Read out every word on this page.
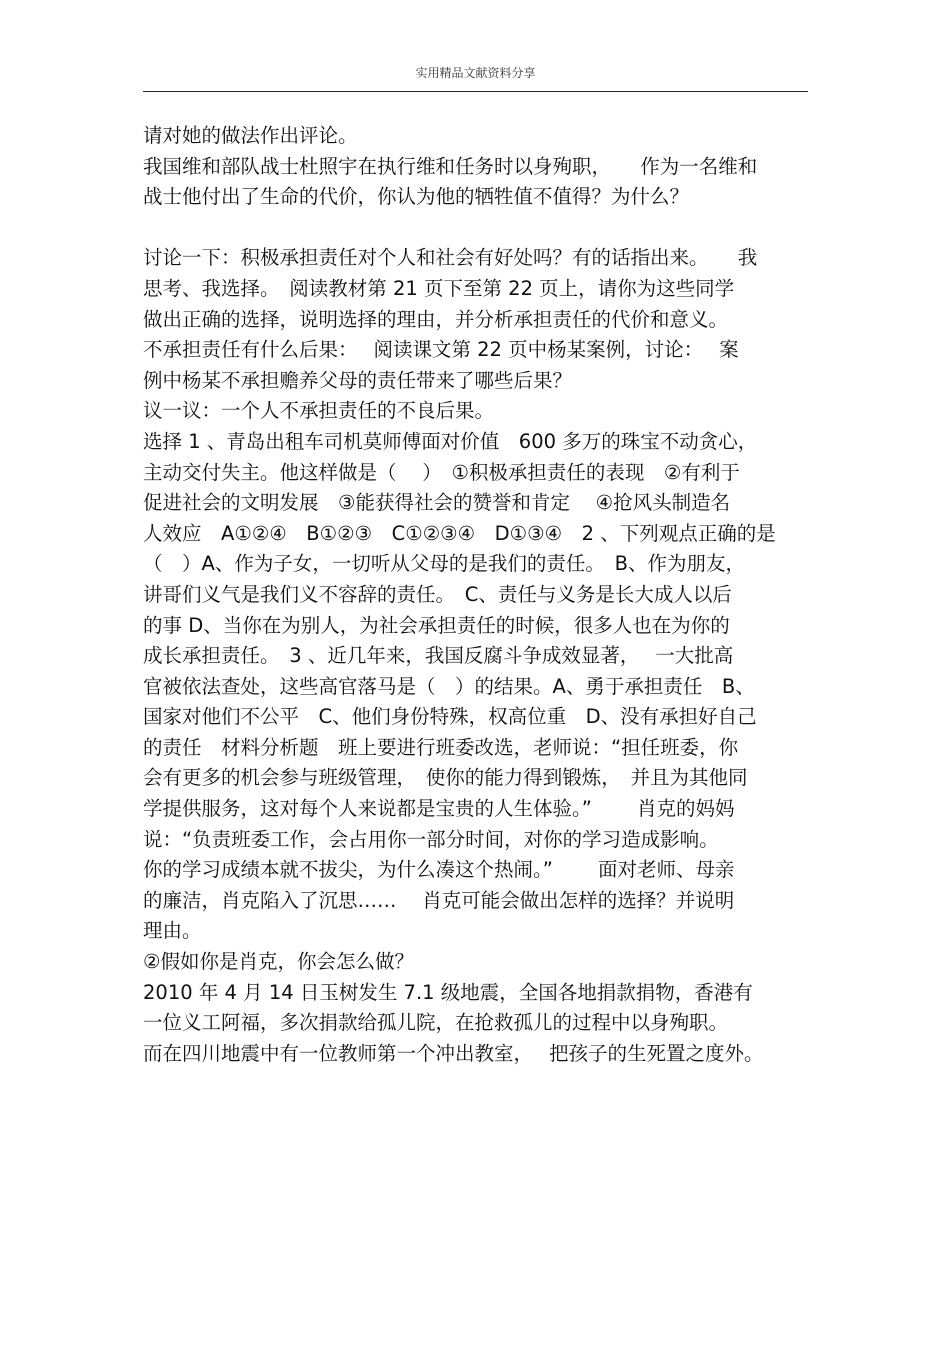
实用精品文献资料分享
请对她的做法作出评论。
我国维和部队战士杜照宇在执行维和任务时以身殉职，　　作为一名维和
战士他付出了生命的代价，你认为他的牺牲值不值得？为什么？
讨论一下：积极承担责任对个人和社会有好处吗？有的话指出来。　　我
思考、我选择。　阅读教材第 21 页下至第 22 页上，请你为这些同学
做出正确的选择，说明选择的理由，并分析承担责任的代价和意义。
不承担责任有什么后果：　 阅读课文第 22 页中杨某案例，讨论：　 案
例中杨某不承担赡养父母的责任带来了哪些后果？
议一议：一个人不承担责任的不良后果。
选择 1 、青岛出租车司机莫师傅面对价值　600 多万的珠宝不动贪心，
主动交付失主。他这样做是（　 ）　①积极承担责任的表现　②有利于
促进社会的文明发展　③能获得社会的赞誉和肯定　 ④抢风头制造名
人效应　A①②④　B①②③　C①②③④　D①③④　2 、下列观点正确的是
（　）A、作为子女，一切听从父母的是我们的责任。　B、作为朋友，
讲哥们义气是我们义不容辞的责任。　C、责任与义务是长大成人以后
的事 D、当你在为别人，为社会承担责任的时候，很多人也在为你的
成长承担责任。　3 、近几年来，我国反腐斗争成效显著，　 一大批高
官被依法查处，这些高官落马是（　）的结果。A、勇于承担责任　B、
国家对他们不公平　C、他们身份特殊，权高位重　D、没有承担好自己
的责任　材料分析题　班上要进行班委改选，老师说：“担任班委，你
会有更多的机会参与班级管理，　使你的能力得到锻炼，　并且为其他同
学提供服务，这对每个人来说都是宝贵的人生体验。”　　 肖克的妈妈
说：“负责班委工作，会占用你一部分时间，对你的学习造成影响。
你的学习成绩本就不拔尖，为什么凑这个热闹。”　　 面对老师、母亲
的廉洁，肖克陷入了沉思……　 肖克可能会做出怎样的选择？并说明
理由。
②假如你是肖克，你会怎么做？
2010 年 4 月 14 日玉树发生 7.1 级地震，全国各地捐款捐物，香港有
一位义工阿福，多次捐款给孤儿院，在抢救孤儿的过程中以身殉职。
而在四川地震中有一位教师第一个冲出教室，　 把孩子的生死置之度外。
